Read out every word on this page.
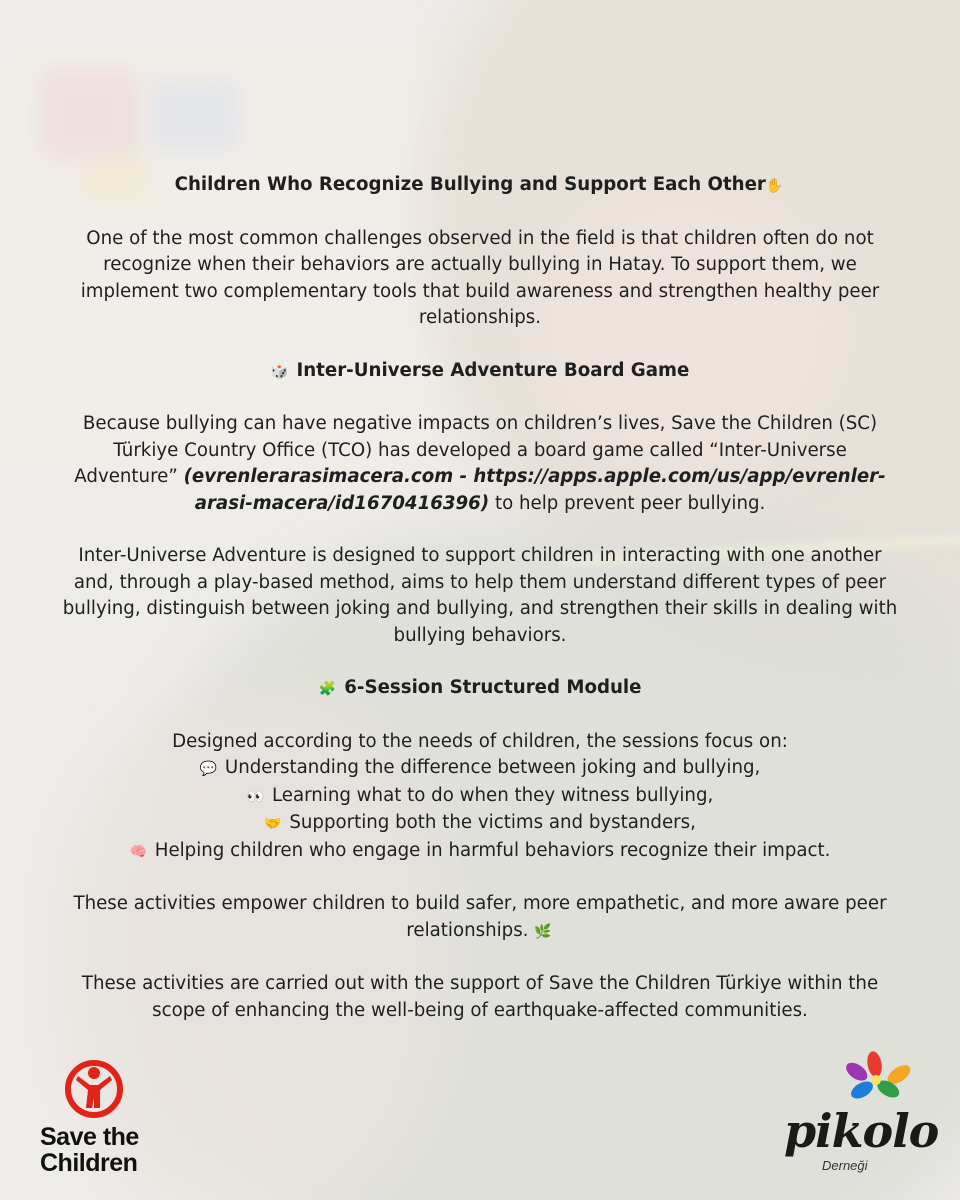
Children Who Recognize Bullying and Support Each Other✋

One of the most common challenges observed in the field is that children often do not recognize when their behaviors are actually bullying in Hatay. To support them, we implement two complementary tools that build awareness and strengthen healthy peer relationships.

🎲 Inter-Universe Adventure Board Game

Because bullying can have negative impacts on children’s lives, Save the Children (SC) Türkiye Country Office (TCO) has developed a board game called “Inter-Universe Adventure” (evrenlerarasimacera.com - https://apps.apple.com/us/app/evrenler-arasi-macera/id1670416396) to help prevent peer bullying.

Inter-Universe Adventure is designed to support children in interacting with one another and, through a play-based method, aims to help them understand different types of peer bullying, distinguish between joking and bullying, and strengthen their skills in dealing with bullying behaviors.

🧩 6-Session Structured Module

Designed according to the needs of children, the sessions focus on:

💬 Understanding the difference between joking and bullying,

👀 Learning what to do when they witness bullying,

🤝 Supporting both the victims and bystanders,

🧠 Helping children who engage in harmful behaviors recognize their impact.

These activities empower children to build safer, more empathetic, and more aware peer relationships. 🌿

These activities are carried out with the support of Save the Children Türkiye within the scope of enhancing the well-being of earthquake-affected communities.

Save the
Children
pikolo
Derneği
